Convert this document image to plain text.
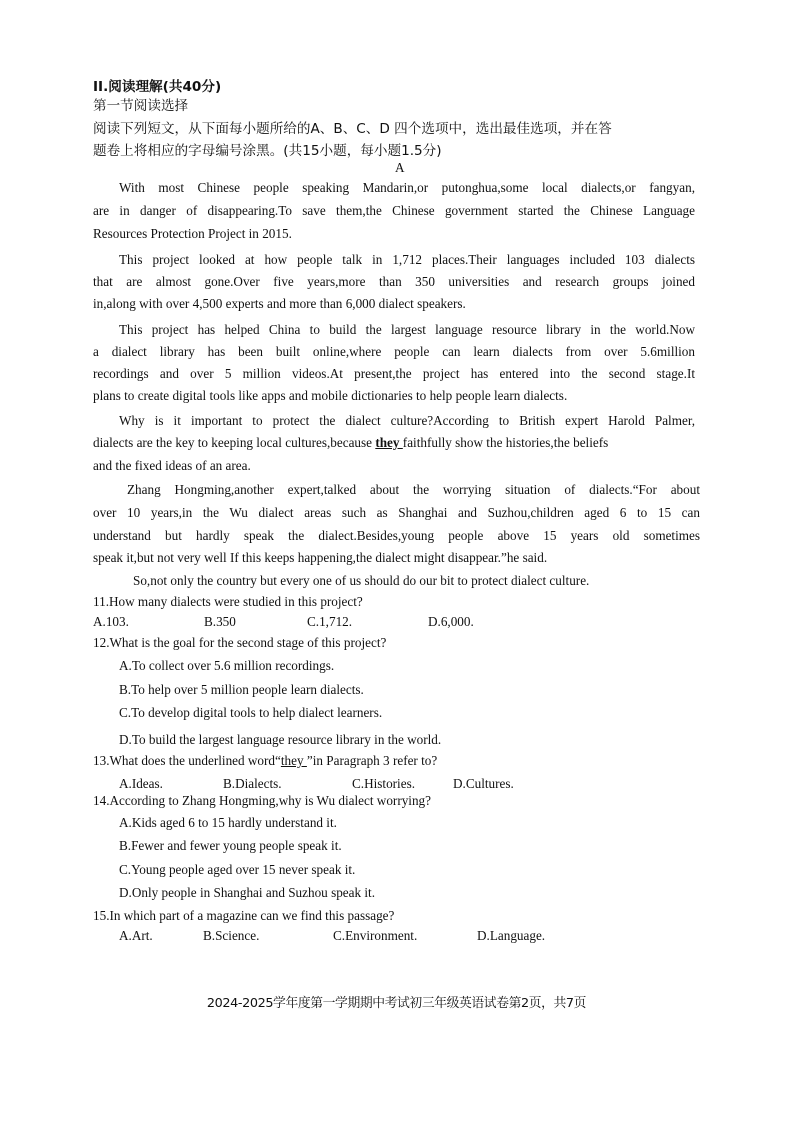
II.阅读理解(共40分)
第一节阅读选择
阅读下列短文，从下面每小题所给的A、B、C、D 四个选项中，选出最佳选项，并在答
题卷上将相应的字母编号涂黑。(共15小题，每小题1.5分)
A
With most Chinese people speaking Mandarin,or putonghua,some local dialects,or fangyan,
are in danger of disappearing.To save them,the Chinese government started the Chinese Language
Resources Protection Project in 2015.
This project looked at how people talk in 1,712 places.Their languages included 103 dialects
that are almost gone.Over five years,more than 350 universities and research groups joined
in,along with over 4,500 experts and more than 6,000 dialect speakers.
This project has helped China to build the largest language resource library in the world.Now
a dialect library has been built online,where people can learn dialects from over 5.6million
recordings and over 5 million videos.At present,the project has entered into the second stage.It
plans to create digital tools like apps and mobile dictionaries to help people learn dialects.
Why is it important to protect the dialect culture?According to British expert Harold Palmer,
dialects are the key to keeping local cultures,because they faithfully show the histories,the beliefs
and the fixed ideas of an area.
Zhang Hongming,another expert,talked about the worrying situation of dialects.“For about
over 10 years,in the Wu dialect areas such as Shanghai and Suzhou,children aged 6 to 15 can
understand but hardly speak the dialect.Besides,young people above 15 years old sometimes
speak it,but not very well If this keeps happening,the dialect might disappear.”he said.
So,not only the country but every one of us should do our bit to protect dialect culture.
11.How many dialects were studied in this project?
A.103.	B.350	C.1,712.	D.6,000.
12.What is the goal for the second stage of this project?
A.To collect over 5.6 million recordings.
B.To help over 5 million people learn dialects.
C.To develop digital tools to help dialect learners.
D.To build the largest language resource library in the world.
13.What does the underlined word“they ”in Paragraph 3 refer to?
A.Ideas.	B.Dialects.	C.Histories.	D.Cultures.
14.According to Zhang Hongming,why is Wu dialect worrying?
A.Kids aged 6 to 15 hardly understand it.
B.Fewer and fewer young people speak it.
C.Young people aged over 15 never speak it.
D.Only people in Shanghai and Suzhou speak it.
15.In which part of a magazine can we find this passage?
A.Art.	B.Science.	C.Environment.	D.Language.
2024-2025学年度第一学期期中考试初三年级英语试卷第2页，共7页
